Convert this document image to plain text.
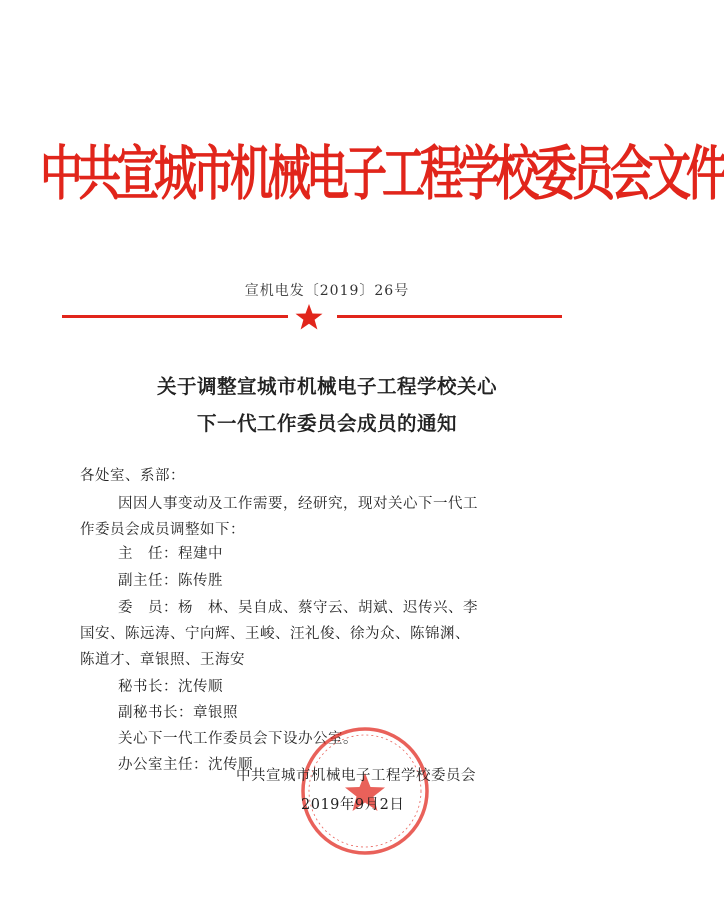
中共宣城市机械电子工程学校委员会文件
宣机电发〔2019〕26号
关于调整宣城市机械电子工程学校关心
下一代工作委员会成员的通知
各处室、系部：
因因人事变动及工作需要，经研究，现对关心下一代工
作委员会成员调整如下：
主　任：程建中
副主任：陈传胜
委　员：杨　林、吴自成、蔡守云、胡斌、迟传兴、李
国安、陈远涛、宁向辉、王峻、汪礼俊、徐为众、陈锦渊、
陈道才、章银照、王海安
秘书长：沈传顺
副秘书长：章银照
关心下一代工作委员会下设办公室。
办公室主任：沈传顺
中共宣城市机械电子工程学校委员会
2019年9月2日
